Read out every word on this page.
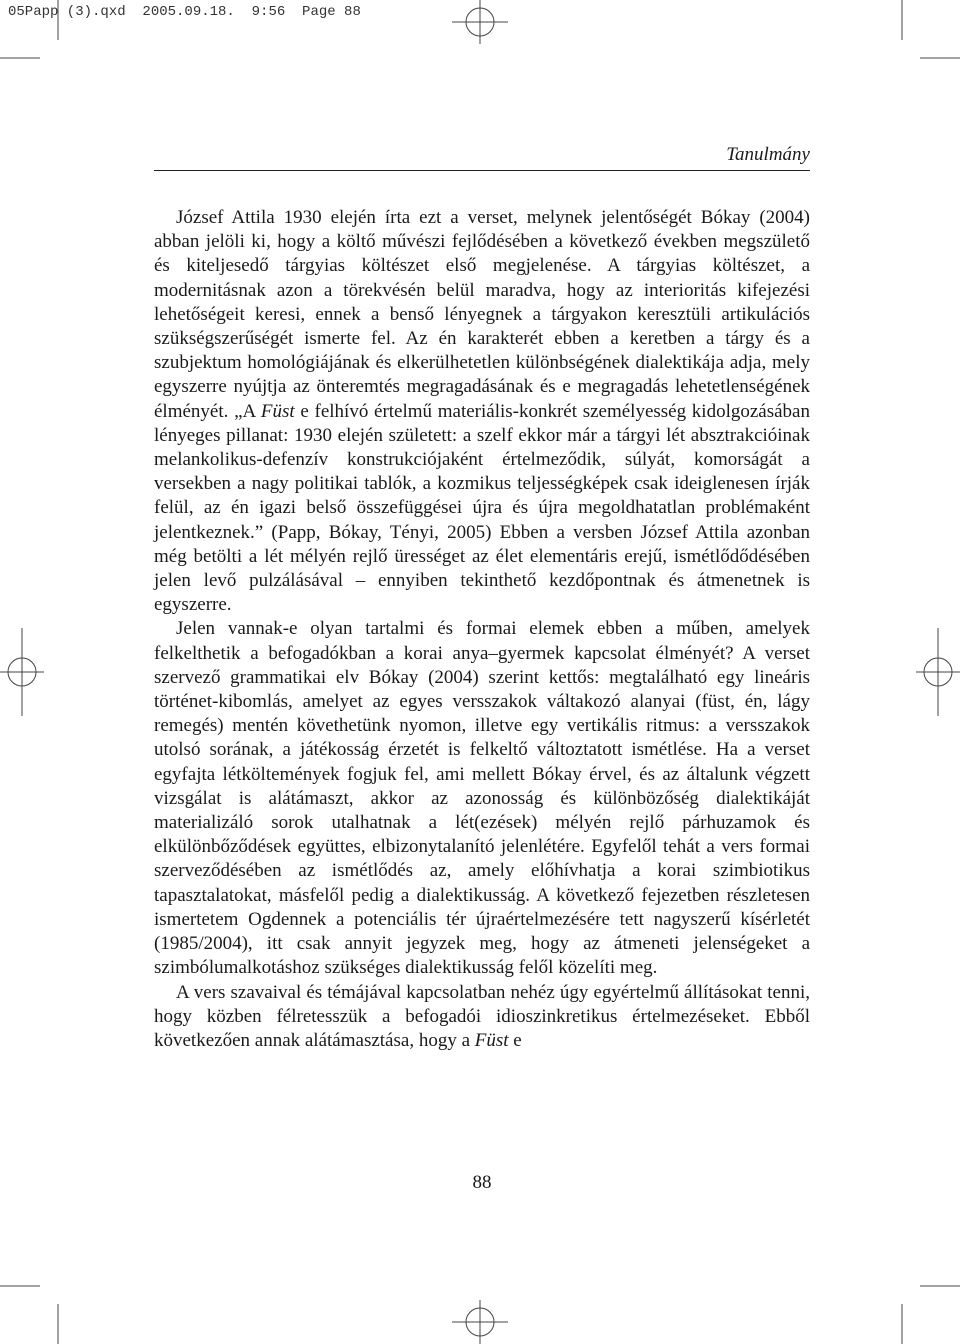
05Papp (3).qxd  2005.09.18.  9:56  Page 88
Tanulmány

József Attila 1930 elején írta ezt a verset, melynek jelentőségét Bókay (2004) abban jelöli ki, hogy a költő művészi fejlődésében a következő években megszülető és kiteljesedő tárgyias költészet első megjelenése. A tárgyias költészet, a modernitásnak azon a törekvésén belül maradva, hogy az interioritás kifejezési lehetőségeit keresi, ennek a benső lényegnek a tárgyakon keresztüli artikulációs szükségszerűségét ismerte fel. Az én karakterét ebben a keretben a tárgy és a szubjektum homológiájának és elkerülhetetlen különbségének dialektikája adja, mely egyszerre nyújtja az önteremtés megragadásának és e megragadás lehetetlenségének élményét. „A Füst e felhívó értelmű materiális-konkrét személyesség kidolgozásában lényeges pillanat: 1930 elején született: a szelf ekkor már a tárgyi lét absztrakcióinak melankolikus-defenzív konstrukciójaként értelmeződik, súlyát, komorságát a versekben a nagy politikai tablók, a kozmikus teljességképek csak ideiglenesen írják felül, az én igazi belső összefüggései újra és újra megoldhatatlan problémaként jelentkeznek.” (Papp, Bókay, Tényi, 2005) Ebben a versben József Attila azonban még betölti a lét mélyén rejlő ürességet az élet elementáris erejű, ismétlődődésében jelen levő pulzálásával – ennyiben tekinthető kezdőpontnak és átmenetnek is egyszerre.

Jelen vannak-e olyan tartalmi és formai elemek ebben a műben, amelyek felkelthetik a befogadókban a korai anya–gyermek kapcsolat élményét? A verset szervező grammatikai elv Bókay (2004) szerint kettős: megtalálható egy lineáris történet-kibomlás, amelyet az egyes versszakok váltakozó alanyai (füst, én, lágy remegés) mentén követhetünk nyomon, illetve egy vertikális ritmus: a versszakok utolsó sorának, a játékosság érzetét is felkeltő változtatott ismétlése. Ha a verset egyfajta létköltemények fogjuk fel, ami mellett Bókay érvel, és az általunk végzett vizsgálat is alátámaszt, akkor az azonosság és különbözőség dialektikáját materializáló sorok utalhatnak a lét(ezések) mélyén rejlő párhuzamok és elkülönbőződések együttes, elbizonytalanító jelenlétére. Egyfelől tehát a vers formai szerveződésében az ismétlődés az, amely előhívhatja a korai szimbiotikus tapasztalatokat, másfelől pedig a dialektikusság. A következő fejezetben részletesen ismertetem Ogdennek a potenciális tér újraértelmezésére tett nagyszerű kísérletét (1985/2004), itt csak annyit jegyzek meg, hogy az átmeneti jelenségeket a szimbólumalkotáshoz szükséges dialektikusság felől közelíti meg.

A vers szavaival és témájával kapcsolatban nehéz úgy egyértelmű állításokat tenni, hogy közben félretesszük a befogadói idioszinkretikus értelmezéseket. Ebből következően annak alátámasztása, hogy a Füst e

88
